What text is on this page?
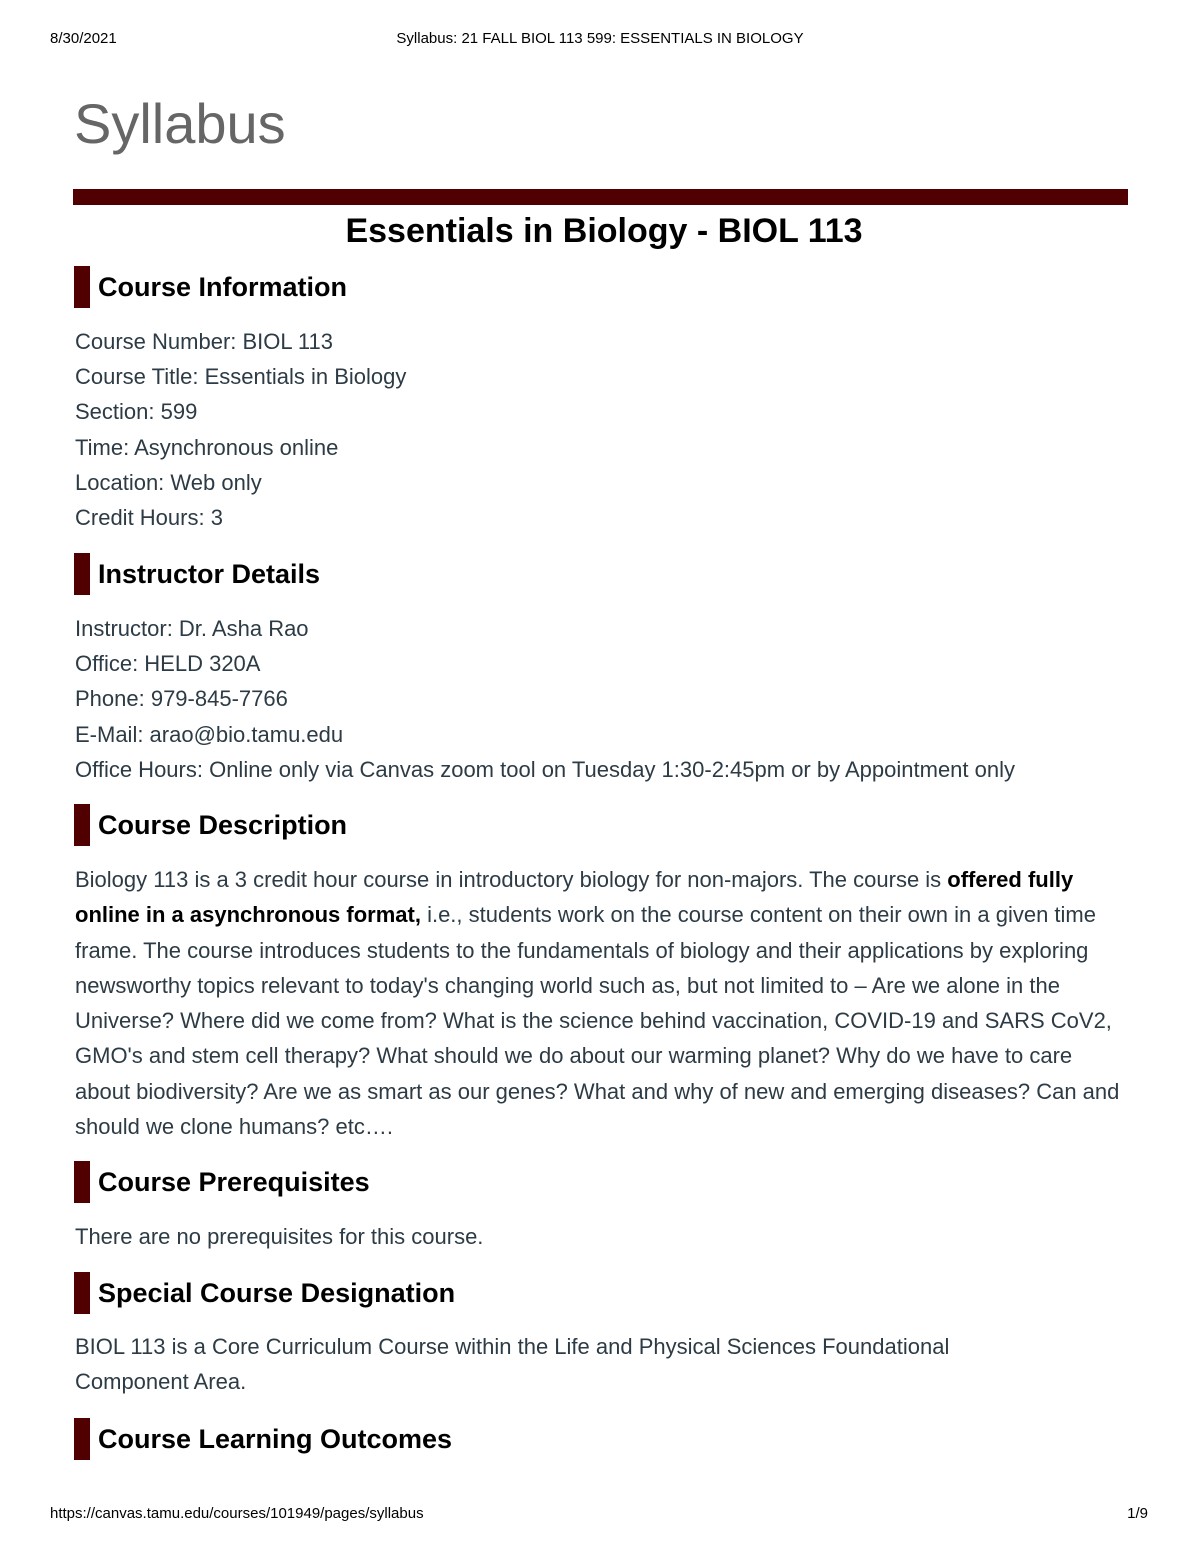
8/30/2021	Syllabus: 21 FALL BIOL 113 599: ESSENTIALS IN BIOLOGY
Syllabus
Essentials in Biology - BIOL 113
Course Information

Course Number: BIOL 113

Course Title: Essentials in Biology

Section: 599

Time: Asynchronous online

Location: Web only

Credit Hours: 3

Instructor Details

Instructor: Dr. Asha Rao

Office: HELD 320A

Phone: 979-845-7766

E-Mail: arao@bio.tamu.edu

Office Hours: Online only via Canvas zoom tool on Tuesday 1:30-2:45pm or by Appointment only

Course Description

Biology 113 is a 3 credit hour course in introductory biology for non-majors. The course is offered fully online in a asynchronous format, i.e., students work on the course content on their own in a given time frame. The course introduces students to the fundamentals of biology and their applications by exploring newsworthy topics relevant to today's changing world such as, but not limited to – Are we alone in the Universe? Where did we come from? What is the science behind vaccination, COVID-19 and SARS CoV2, GMO's and stem cell therapy? What should we do about our warming planet? Why do we have to care about biodiversity? Are we as smart as our genes? What and why of new and emerging diseases? Can and should we clone humans? etc….

Course Prerequisites

There are no prerequisites for this course.

Special Course Designation

BIOL 113 is a Core Curriculum Course within the Life and Physical Sciences Foundational Component Area.

Course Learning Outcomes
https://canvas.tamu.edu/courses/101949/pages/syllabus	1/9
